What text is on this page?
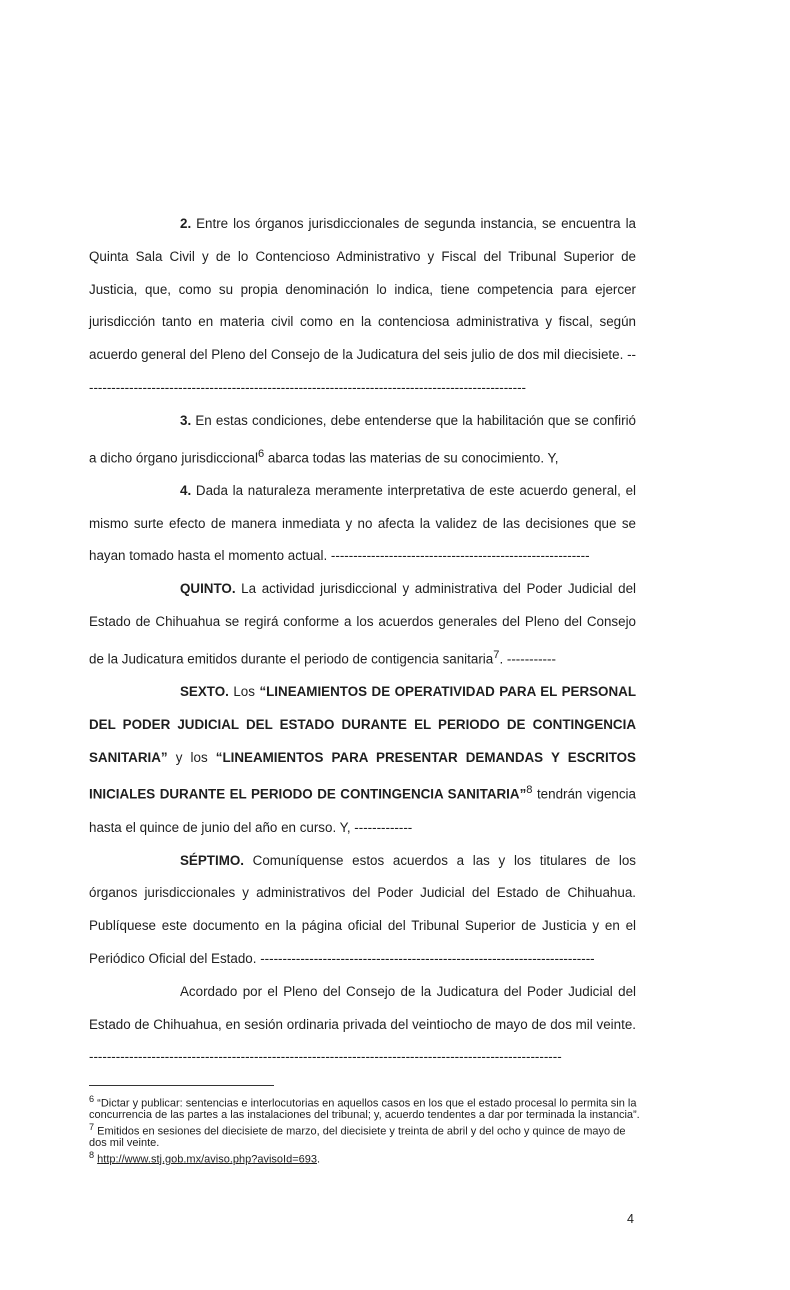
2. Entre los órganos jurisdiccionales de segunda instancia, se encuentra la Quinta Sala Civil y de lo Contencioso Administrativo y Fiscal del Tribunal Superior de Justicia, que, como su propia denominación lo indica, tiene competencia para ejercer jurisdicción tanto en materia civil como en la contenciosa administrativa y fiscal, según acuerdo general del Pleno del Consejo de la Judicatura del seis julio de dos mil diecisiete. ----------------------------------------------------------------------------------------------------

3. En estas condiciones, debe entenderse que la habilitación que se confirió a dicho órgano jurisdiccional$^6$ abarca todas las materias de su conocimiento. Y,

4. Dada la naturaleza meramente interpretativa de este acuerdo general, el mismo surte efecto de manera inmediata y no afecta la validez de las decisiones que se hayan tomado hasta el momento actual. ----------------------------------------------------------

QUINTO. La actividad jurisdiccional y administrativa del Poder Judicial del Estado de Chihuahua se regirá conforme a los acuerdos generales del Pleno del Consejo de la Judicatura emitidos durante el periodo de contigencia sanitaria$^7$. -----------

SEXTO. Los “LINEAMIENTOS DE OPERATIVIDAD PARA EL PERSONAL DEL PODER JUDICIAL DEL ESTADO DURANTE EL PERIODO DE CONTINGENCIA SANITARIA” y los “LINEAMIENTOS PARA PRESENTAR DEMANDAS Y ESCRITOS INICIALES DURANTE EL PERIODO DE CONTINGENCIA SANITARIA”$^8$ tendrán vigencia hasta el quince de junio del año en curso. Y, -------------

SÉPTIMO. Comuníquense estos acuerdos a las y los titulares de los órganos jurisdiccionales y administrativos del Poder Judicial del Estado de Chihuahua. Publíquese este documento en la página oficial del Tribunal Superior de Justicia y en el Periódico Oficial del Estado. ---------------------------------------------------------------------------

Acordado por el Pleno del Consejo de la Judicatura del Poder Judicial del Estado de Chihuahua, en sesión ordinaria privada del veintiocho de mayo de dos mil veinte. ----------------------------------------------------------------------------------------------------------

$^6$ “Dictar y publicar: sentencias e interlocutorias en aquellos casos en los que el estado procesal lo permita sin la concurrencia de las partes a las instalaciones del tribunal; y, acuerdo tendentes a dar por terminada la instancia”.

$^7$ Emitidos en sesiones del diecisiete de marzo, del diecisiete y treinta de abril y del ocho y quince de mayo de dos mil veinte.

$^8$ http://www.stj.gob.mx/aviso.php?avisoId=693.

4
